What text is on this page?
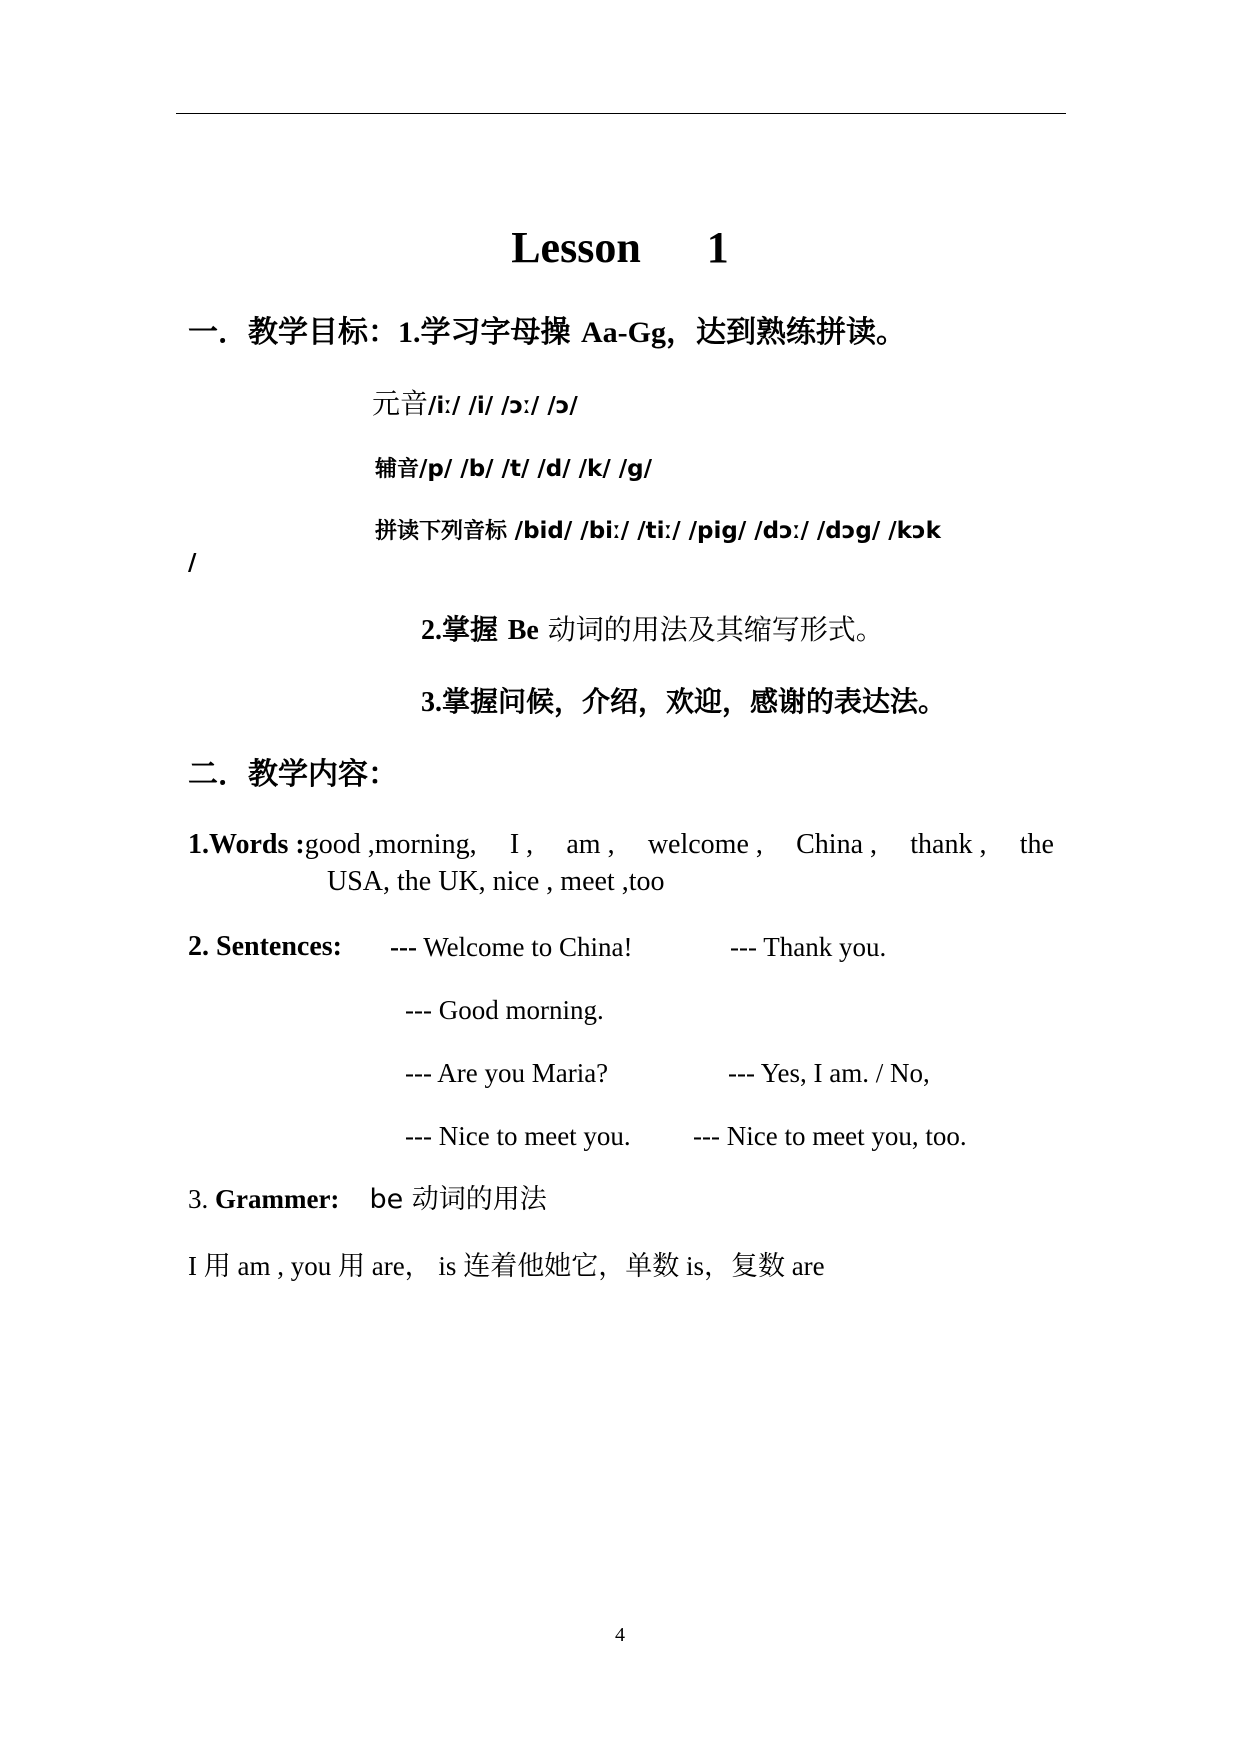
Lesson 1
一．教学目标：1.学习字母操 Aa-Gg，达到熟练拼读。
元音/iː/ /i/ /ɔː/ /ɔ/
辅音/p/ /b/ /t/ /d/ /k/ /g/
拼读下列音标 /bid/ /biː/ /tiː/ /pig/ /dɔː/ /dɔg/ /kɔk
/
2.掌握 Be 动词的用法及其缩写形式。
3.掌握问候，介绍，欢迎，感谢的表达法。
二．教学内容：
1.Words :good ,morning, I , am , welcome , China , thank , the
USA, the UK, nice , meet ,too
2. Sentences: --- Welcome to China!	--- Thank you.
--- Good morning.
--- Are you Maria?	--- Yes, I am. / No,
--- Nice to meet you. --- Nice to meet you, too.
3. Grammer: be 动词的用法
I 用 am , you 用 are， is 连着他她它，单数 is，复数 are
4
